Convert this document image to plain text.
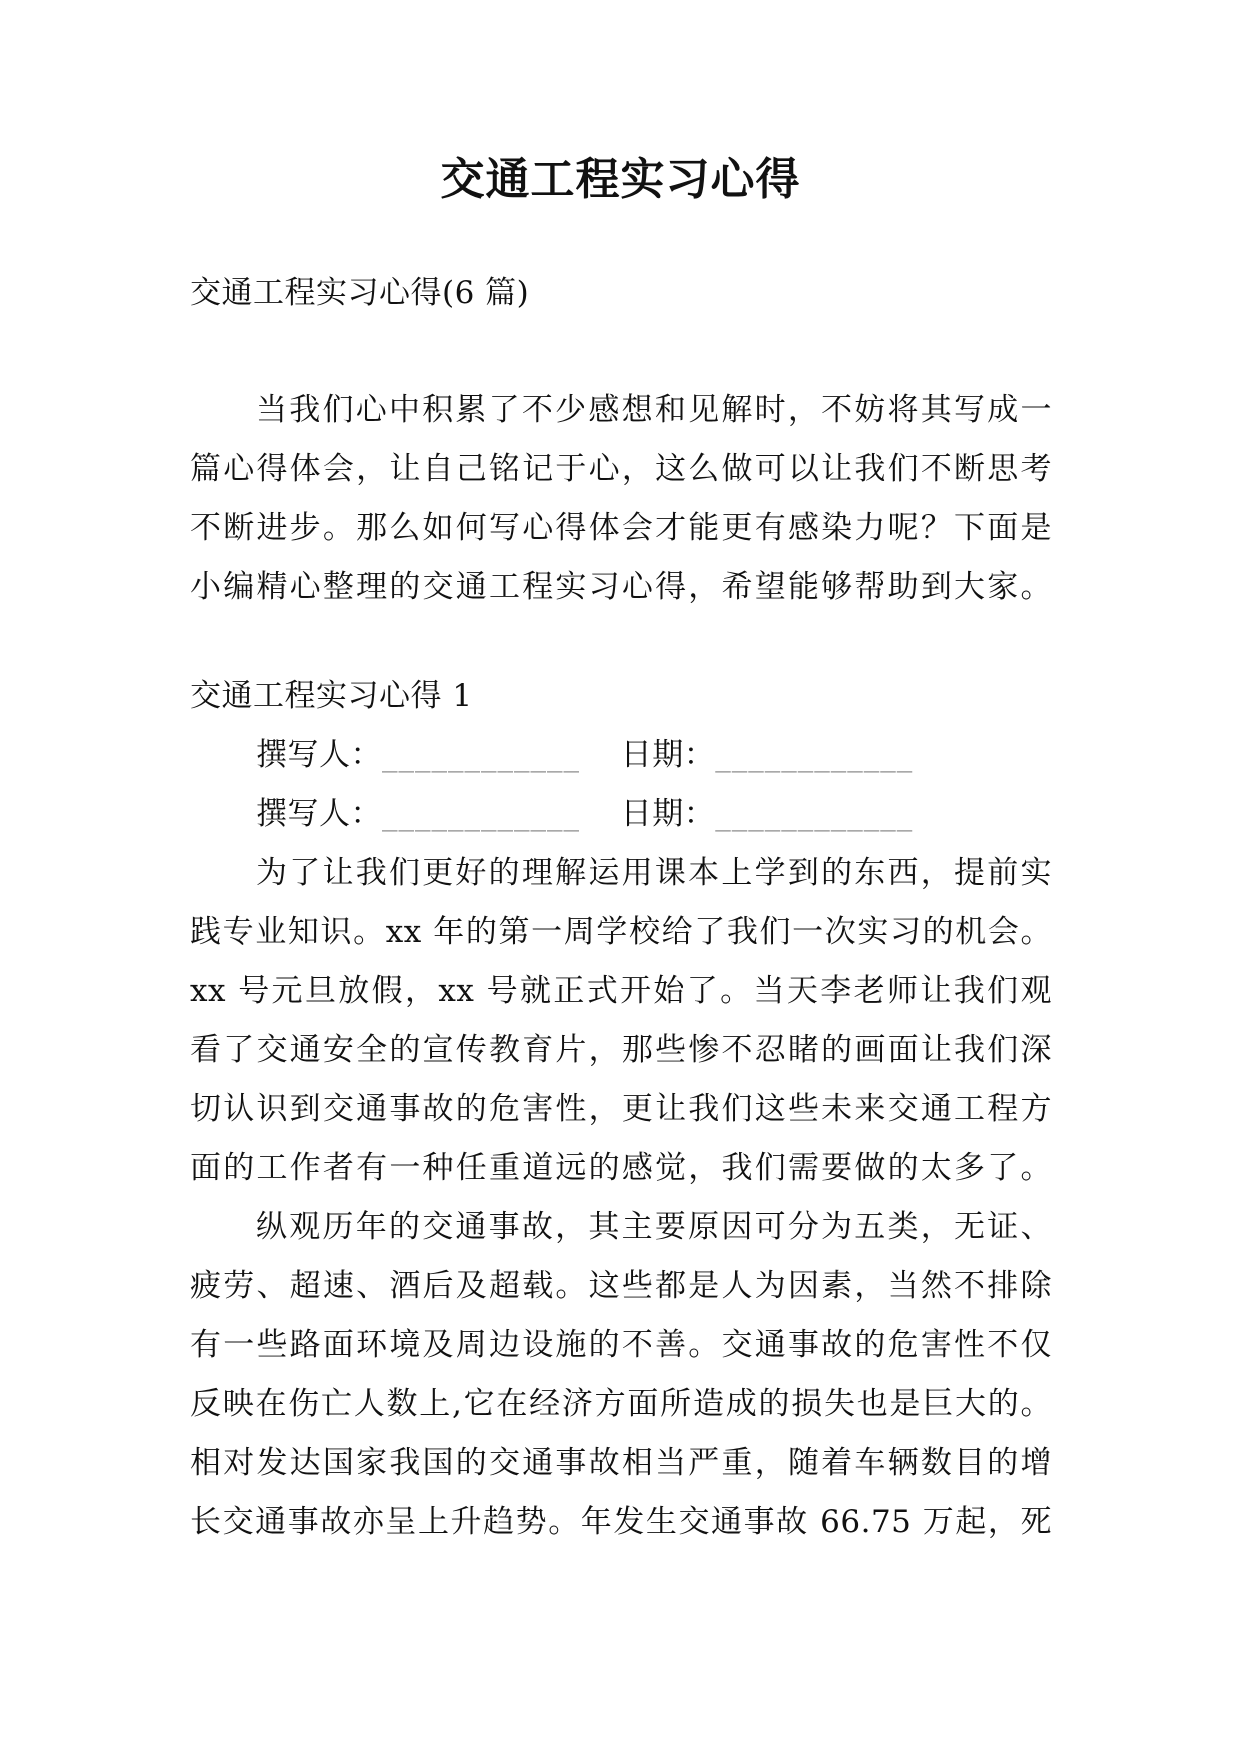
交通工程实习心得
交通工程实习心得(6 篇)
当我们心中积累了不少感想和见解时，不妨将其写成一
篇心得体会，让自己铭记于心，这么做可以让我们不断思考
不断进步。那么如何写心得体会才能更有感染力呢？下面是
小编精心整理的交通工程实习心得，希望能够帮助到大家。
交通工程实习心得 1
撰写人：____________ 日期：____________
撰写人：____________ 日期：____________
为了让我们更好的理解运用课本上学到的东西，提前实
践专业知识。xx 年的第一周学校给了我们一次实习的机会。
xx 号元旦放假，xx 号就正式开始了。当天李老师让我们观
看了交通安全的宣传教育片，那些惨不忍睹的画面让我们深
切认识到交通事故的危害性，更让我们这些未来交通工程方
面的工作者有一种任重道远的感觉，我们需要做的太多了。
纵观历年的交通事故，其主要原因可分为五类，无证、
疲劳、超速、酒后及超载。这些都是人为因素，当然不排除
有一些路面环境及周边设施的不善。交通事故的危害性不仅
反映在伤亡人数上,它在经济方面所造成的损失也是巨大的。
相对发达国家我国的交通事故相当严重，随着车辆数目的增
长交通事故亦呈上升趋势。年发生交通事故 66.75 万起，死
